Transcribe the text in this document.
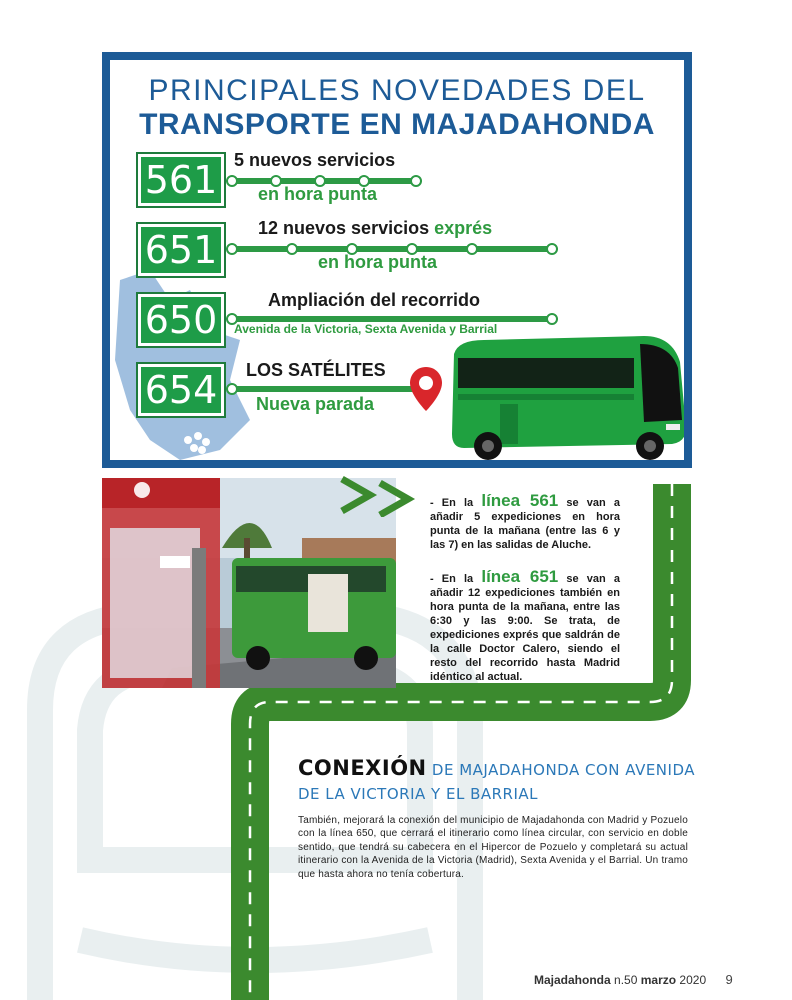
PRINCIPALES NOVEDADES DEL
TRANSPORTE EN MAJADAHONDA
561 5 nuevos servicios
en hora punta
651	12 nuevos servicios exprés
en hora punta
650	Ampliación del recorrido
Avenida de la Victoria, Sexta Avenida y Barrial
654	LOS SATÉLITES
Nueva parada
- En la línea 561 se van a añadir 5 expediciones en hora punta de la mañana (entre las 6 y las 7) en las salidas de Aluche.
- En la línea 651 se van a añadir 12 expediciones también en hora punta de la mañana, entre las 6:30 y las 9:00. Se trata, de expediciones exprés que saldrán de la calle Doctor Calero, siendo el resto del recorrido hasta Madrid idéntico al actual.
CONEXIÓN DE MAJADAHONDA CON AVENIDA
DE LA VICTORIA Y EL BARRIAL
También, mejorará la conexión del municipio de Majadahonda con Madrid y Pozuelo con la línea 650, que cerrará el itinerario como línea circular, con servicio en doble sentido, que tendrá su cabecera en el Hipercor de Pozuelo y completará su actual itinerario con la Avenida de la Victoria (Madrid), Sexta Avenida y el Barrial. Un tramo que hasta ahora no tenía cobertura.
Majadahonda n.50 marzo 2020 9
